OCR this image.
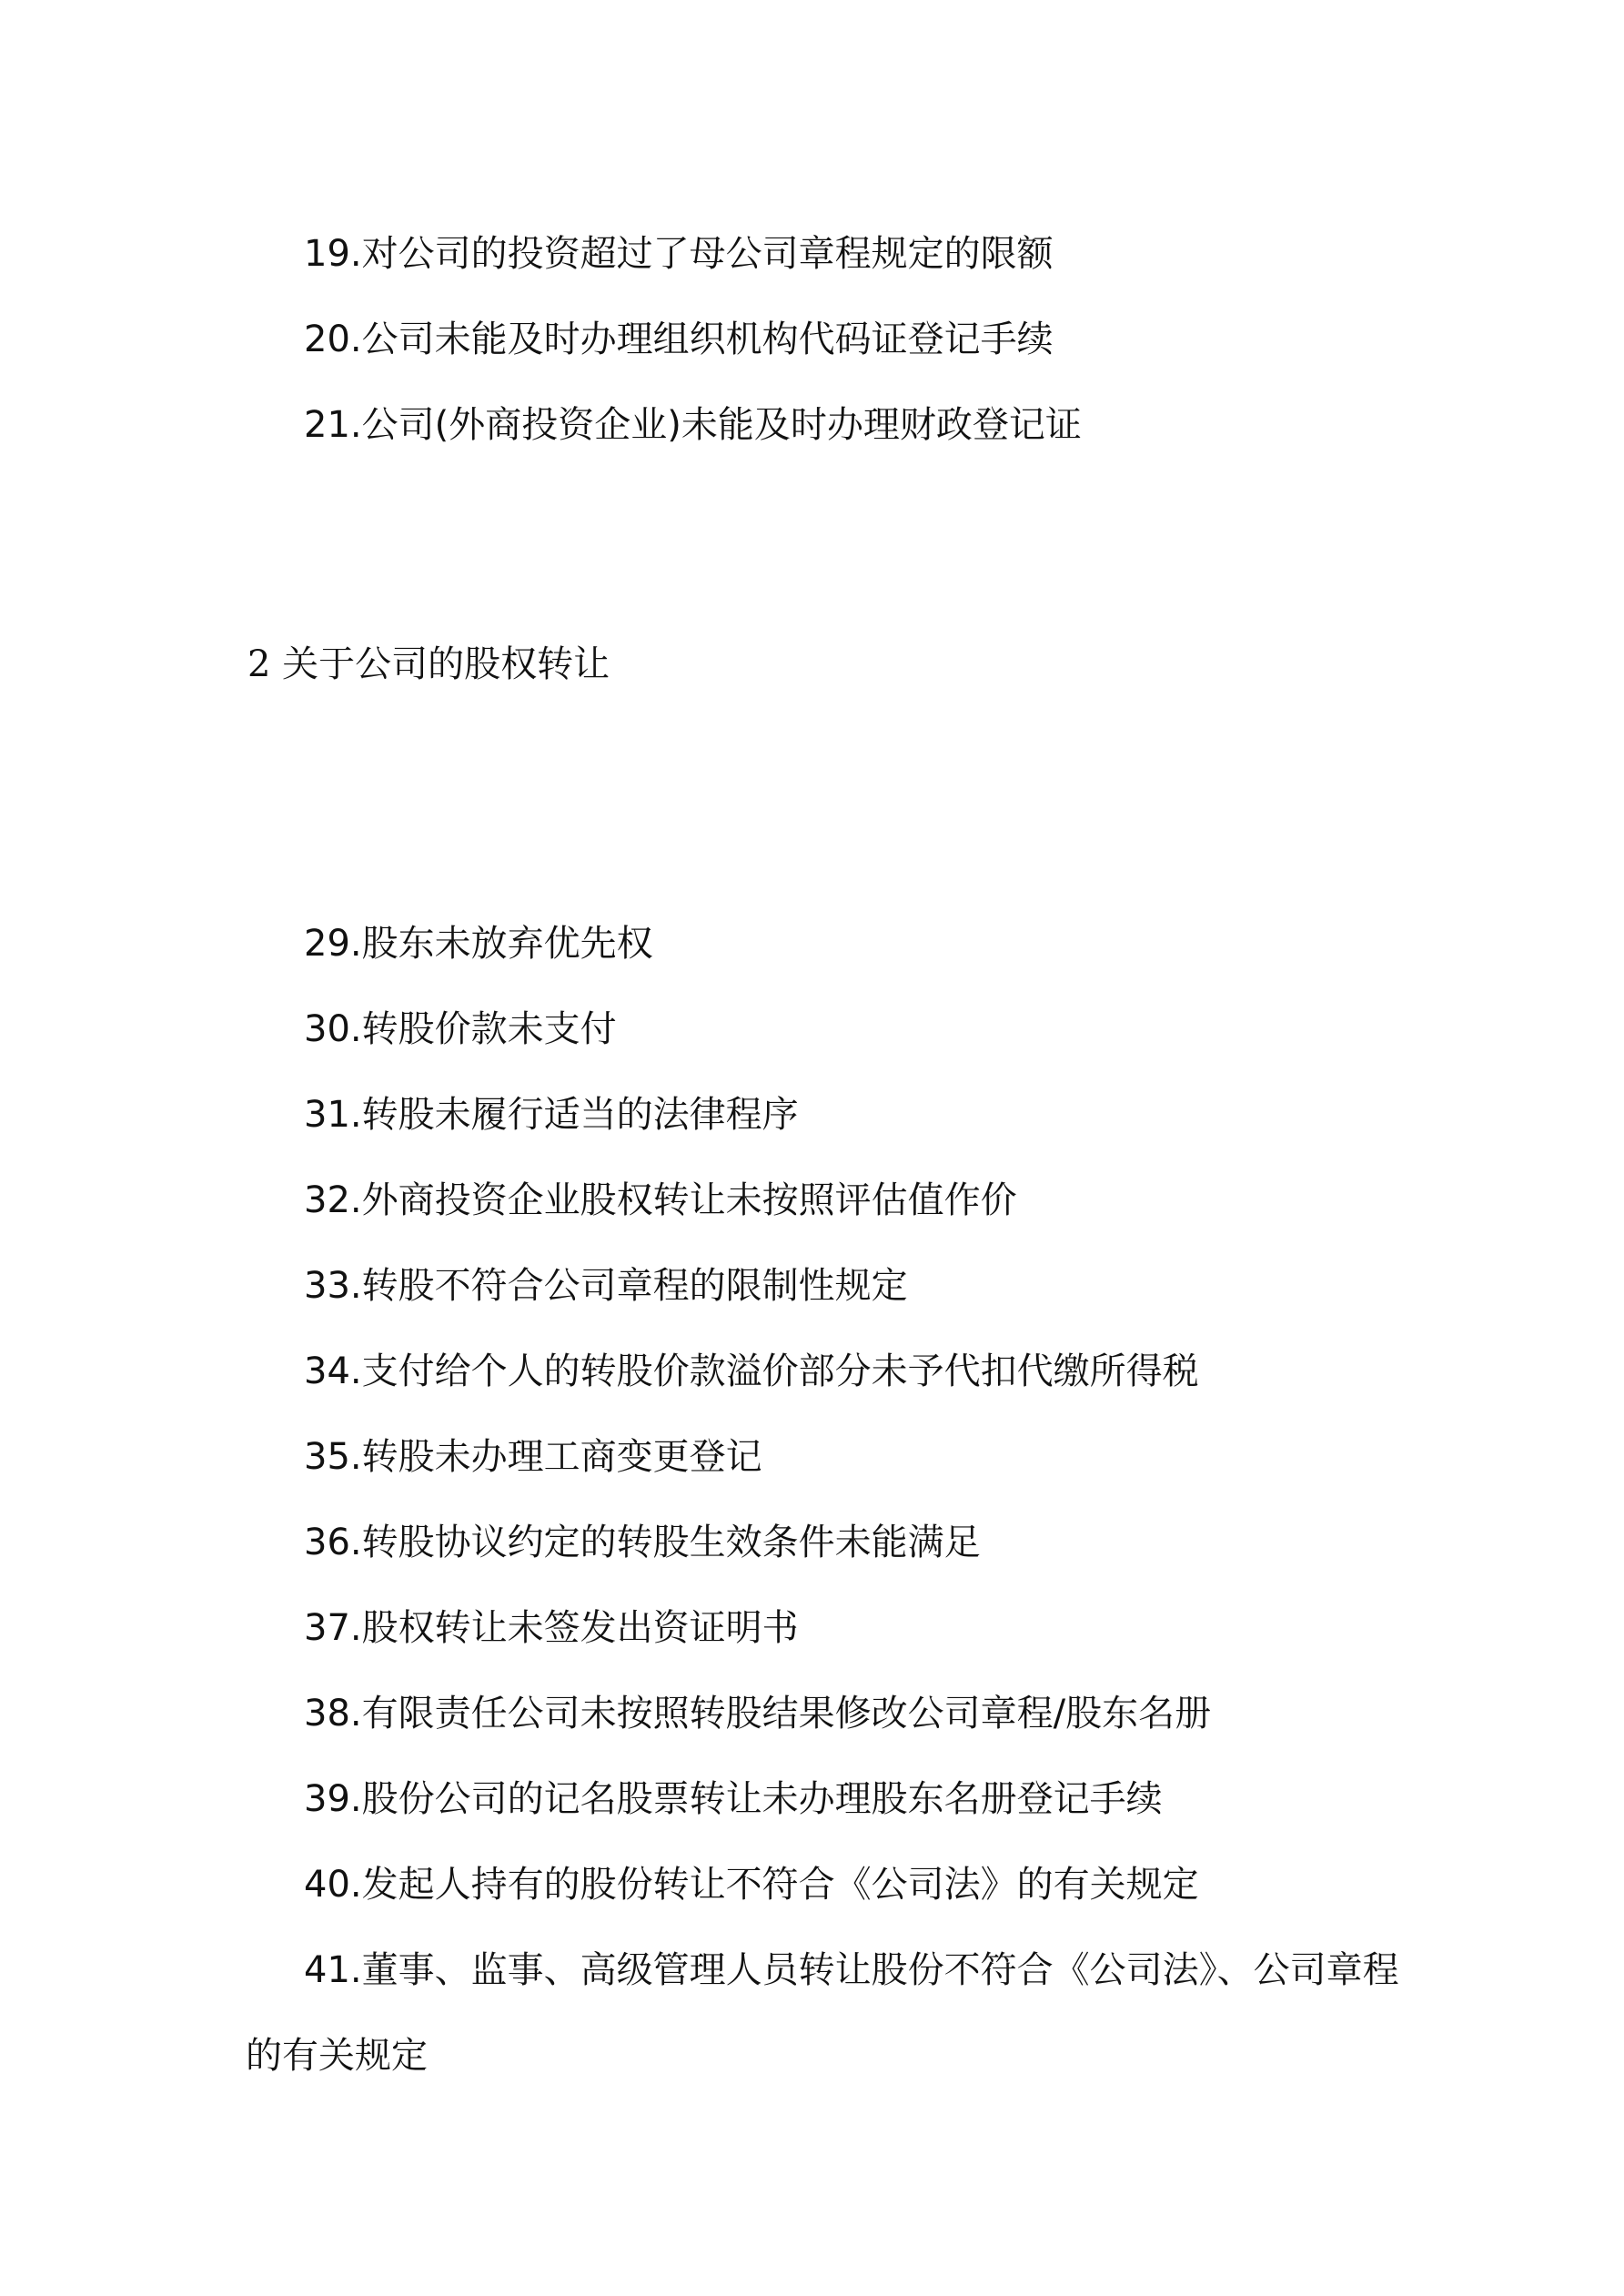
19.对公司的投资超过了母公司章程规定的限额

20.公司未能及时办理组织机构代码证登记手续

21.公司(外商投资企业)未能及时办理财政登记证

2 关于公司的股权转让

29.股东未放弃优先权

30.转股价款未支付

31.转股未履行适当的法律程序

32.外商投资企业股权转让未按照评估值作价

33.转股不符合公司章程的限制性规定

34.支付给个人的转股价款溢价部分未予代扣代缴所得税

35.转股未办理工商变更登记

36.转股协议约定的转股生效条件未能满足

37.股权转让未签发出资证明书

38.有限责任公司未按照转股结果修改公司章程/股东名册

39.股份公司的记名股票转让未办理股东名册登记手续

40.发起人持有的股份转让不符合《公司法》的有关规定

41.董事、监事、高级管理人员转让股份不符合《公司法》、公司章程的有关规定
